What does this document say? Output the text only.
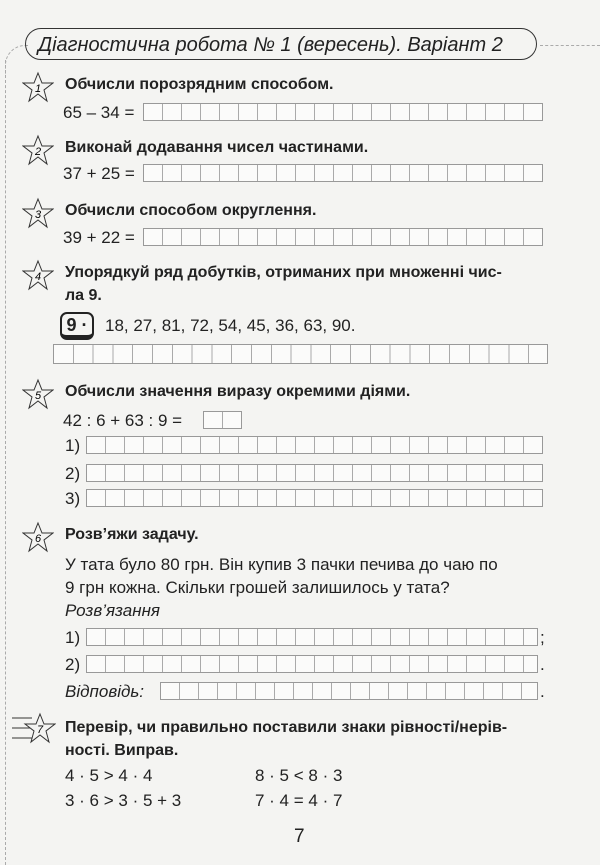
Діагностична робота № 1 (вересень). Варіант 2
1 Обчисли порозрядним способом.
65 – 34 =
2 Виконай додавання чисел частинами.
37 + 25 =
3 Обчисли способом округлення.
39 + 22 =
4 Упорядкуй ряд добутків, отриманих при множенні чис-
ла 9.
9 ·	18, 27, 81, 72, 54, 45, 36, 63, 90.
5 Обчисли значення виразу окремими діями.
42 : 6 + 63 : 9 =
1)
2)
3)
6 Розв’яжи задачу.
У тата було 80 грн. Він купив 3 пачки печива до чаю по
9 грн кожна. Скільки грошей залишилось у тата?
Розв’язання
1)	;
2)	.
Відповідь:	.
7 Перевір, чи правильно поставили знаки рівності/нерів-
ності. Виправ.
4 · 5 > 4 · 4	8 · 5 < 8 · 3
3 · 6 > 3 · 5 + 3	7 · 4 = 4 · 7
7
